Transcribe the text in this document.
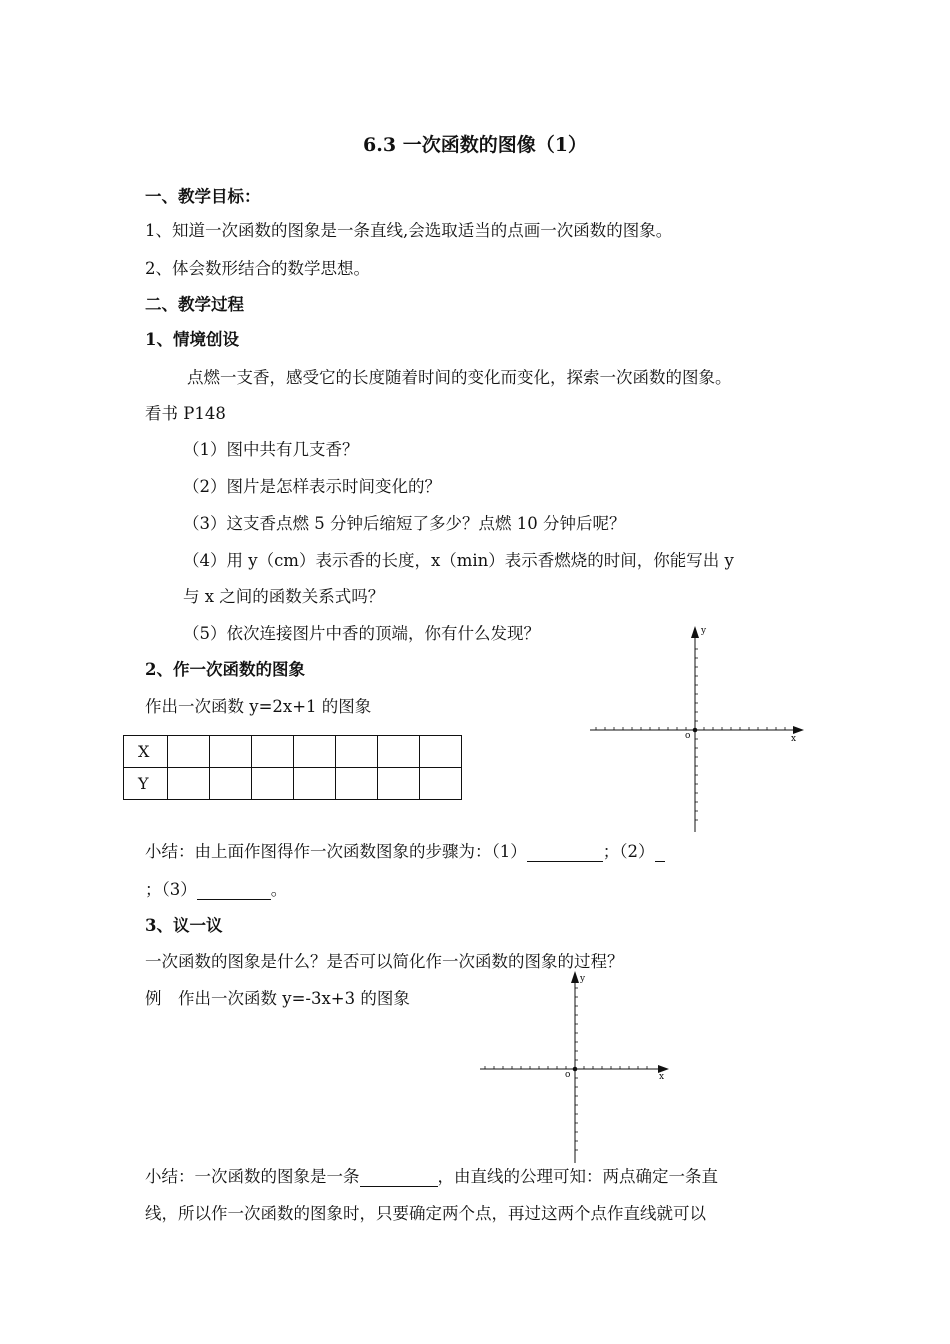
6.3 一次函数的图像（1）
一、教学目标：
1、知道一次函数的图象是一条直线,会选取适当的点画一次函数的图象。
2、体会数形结合的数学思想。
二、教学过程
1、情境创设
点燃一支香，感受它的长度随着时间的变化而变化，探索一次函数的图象。
看书 P148
（1）图中共有几支香？
（2）图片是怎样表示时间变化的？
（3）这支香点燃 5 分钟后缩短了多少？点燃 10 分钟后呢？
（4）用 y（cm）表示香的长度，x（min）表示香燃烧的时间，你能写出 y
与 x 之间的函数关系式吗？
（5）依次连接图片中香的顶端，你有什么发现？
2、作一次函数的图象
作出一次函数 y=2x+1 的图象
X							
Y							
o	x
y
小结：由上面作图得作一次函数图象的步骤为：（1）	；（2）
；（3）	。
3、议一议
一次函数的图象是什么？是否可以简化作一次函数的图象的过程？
例　作出一次函数 y=-3x+3 的图象
o	x
y
小结：一次函数的图象是一条	，由直线的公理可知：两点确定一条直
线，所以作一次函数的图象时，只要确定两个点，再过这两个点作直线就可以
